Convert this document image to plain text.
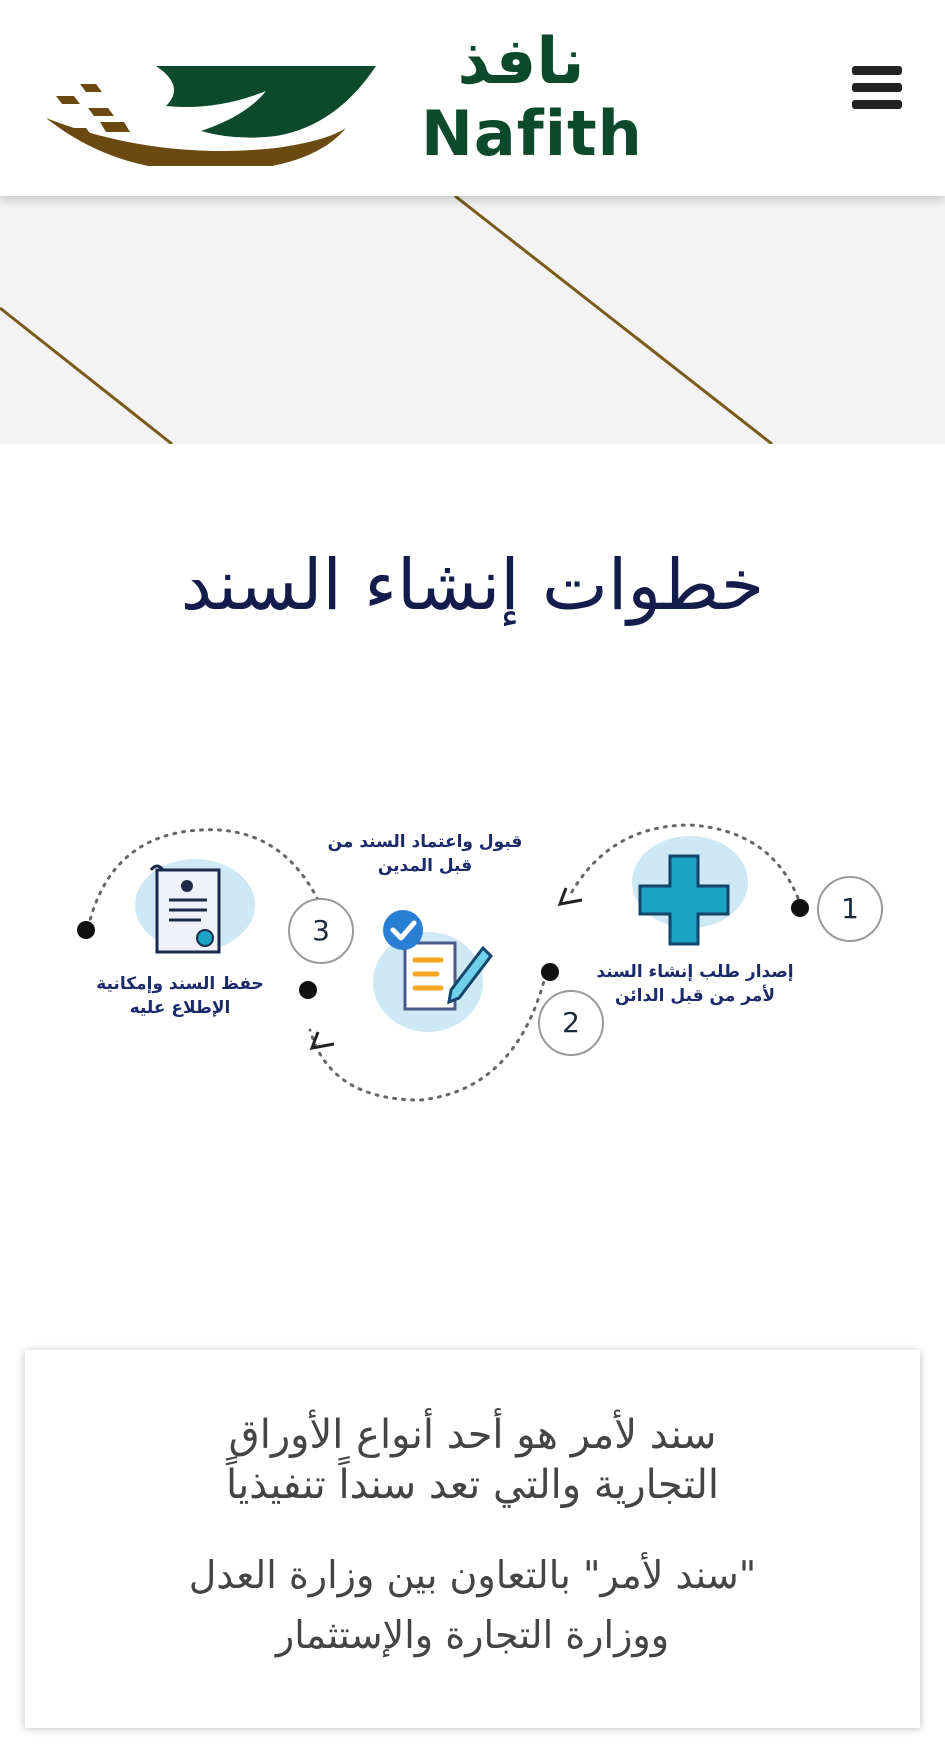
نافذ
Nafith
خطوات إنشاء السند
1
إصدار طلب إنشاء السند
لأمر من قبل الدائن
2
قبول واعتماد السند من
قبل المدين
3
حفظ السند وإمكانية
الإطلاع عليه
سند لأمر هو أحد أنواع الأوراق
التجارية والتي تعد سنداً تنفيذياً
"سند لأمر" بالتعاون بين وزارة العدل
ووزارة التجارة والإستثمار
